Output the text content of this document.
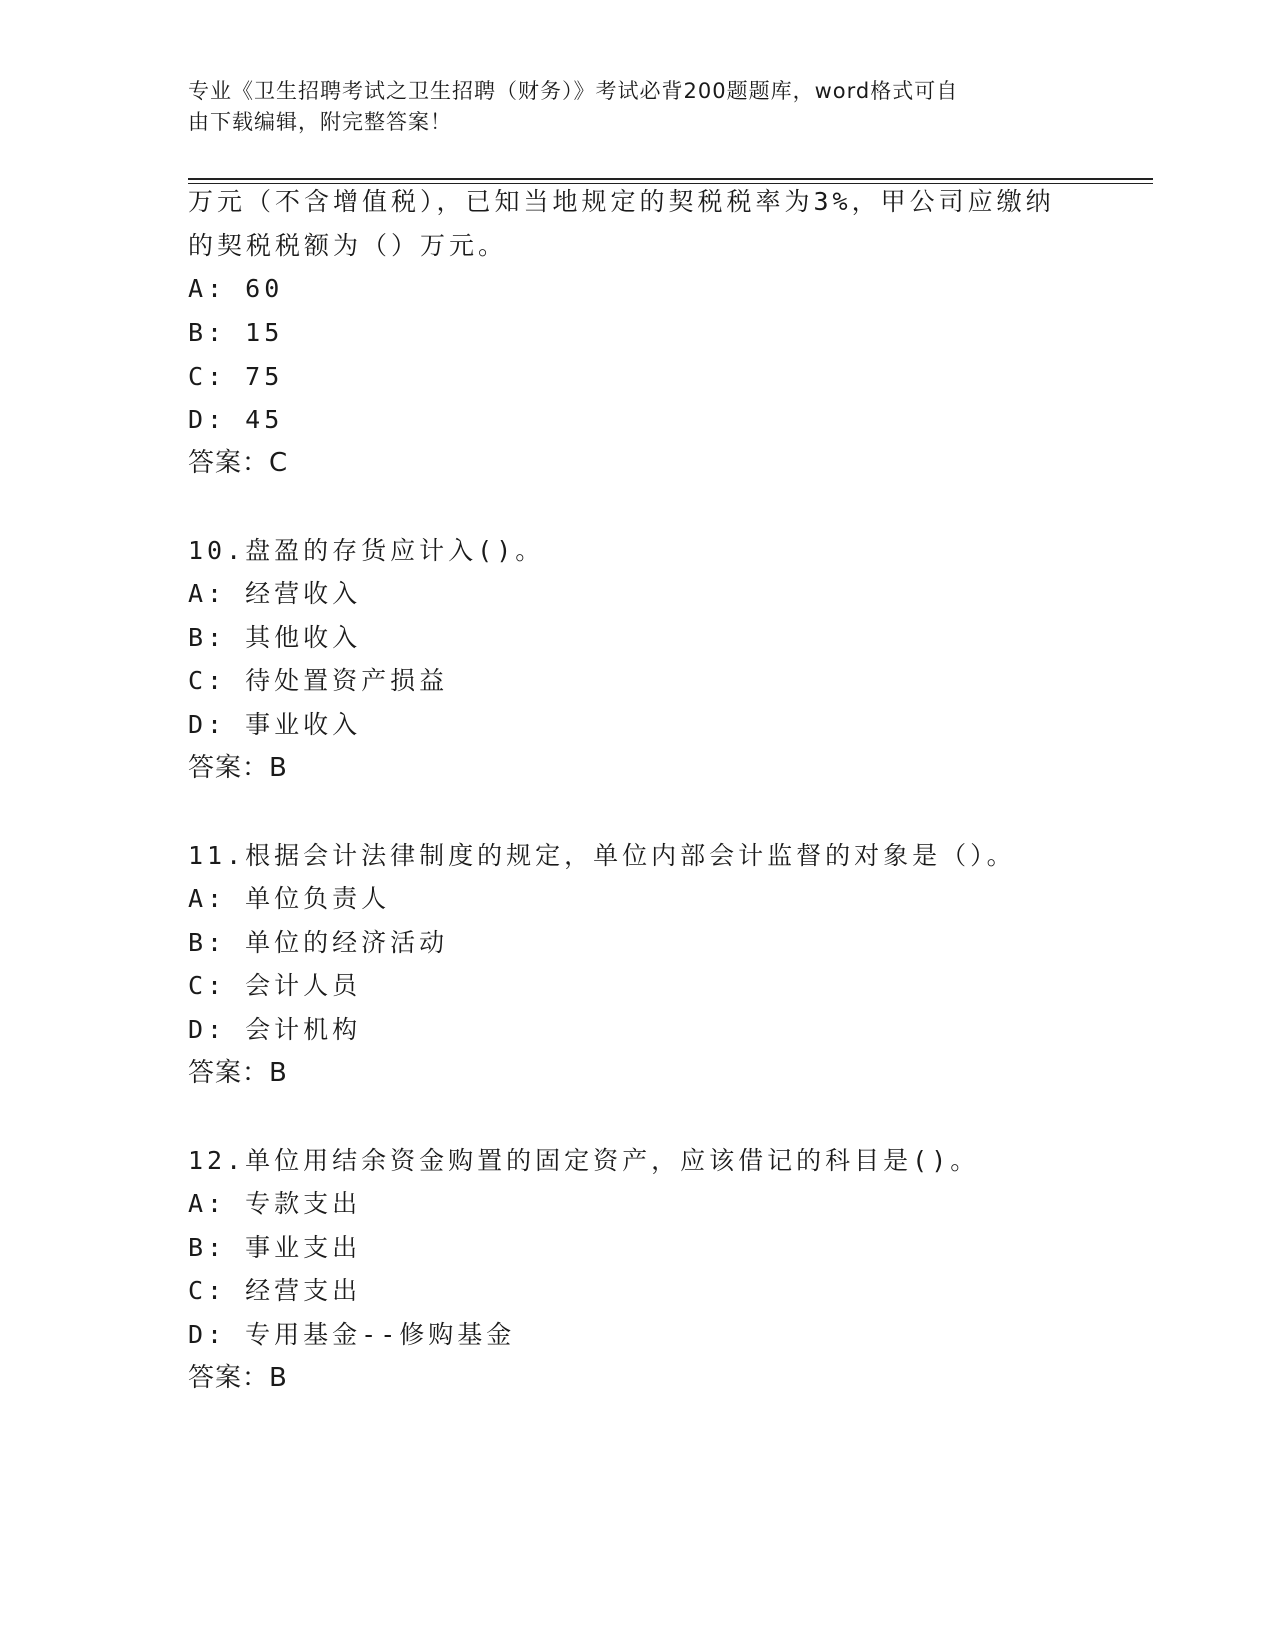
专业《卫生招聘考试之卫生招聘（财务）》考试必背200题题库，word格式可自
由下载编辑，附完整答案！
万元（不含增值税），已知当地规定的契税税率为3%，甲公司应缴纳
的契税税额为（）万元。
A: 60
B: 15
C: 75
D: 45
答案：C
10.盘盈的存货应计入()。
A: 经营收入
B: 其他收入
C: 待处置资产损益
D: 事业收入
答案：B
11.根据会计法律制度的规定，单位内部会计监督的对象是（）。
A: 单位负责人
B: 单位的经济活动
C: 会计人员
D: 会计机构
答案：B
12.单位用结余资金购置的固定资产，应该借记的科目是()。
A: 专款支出
B: 事业支出
C: 经营支出
D: 专用基金--修购基金
答案：B
